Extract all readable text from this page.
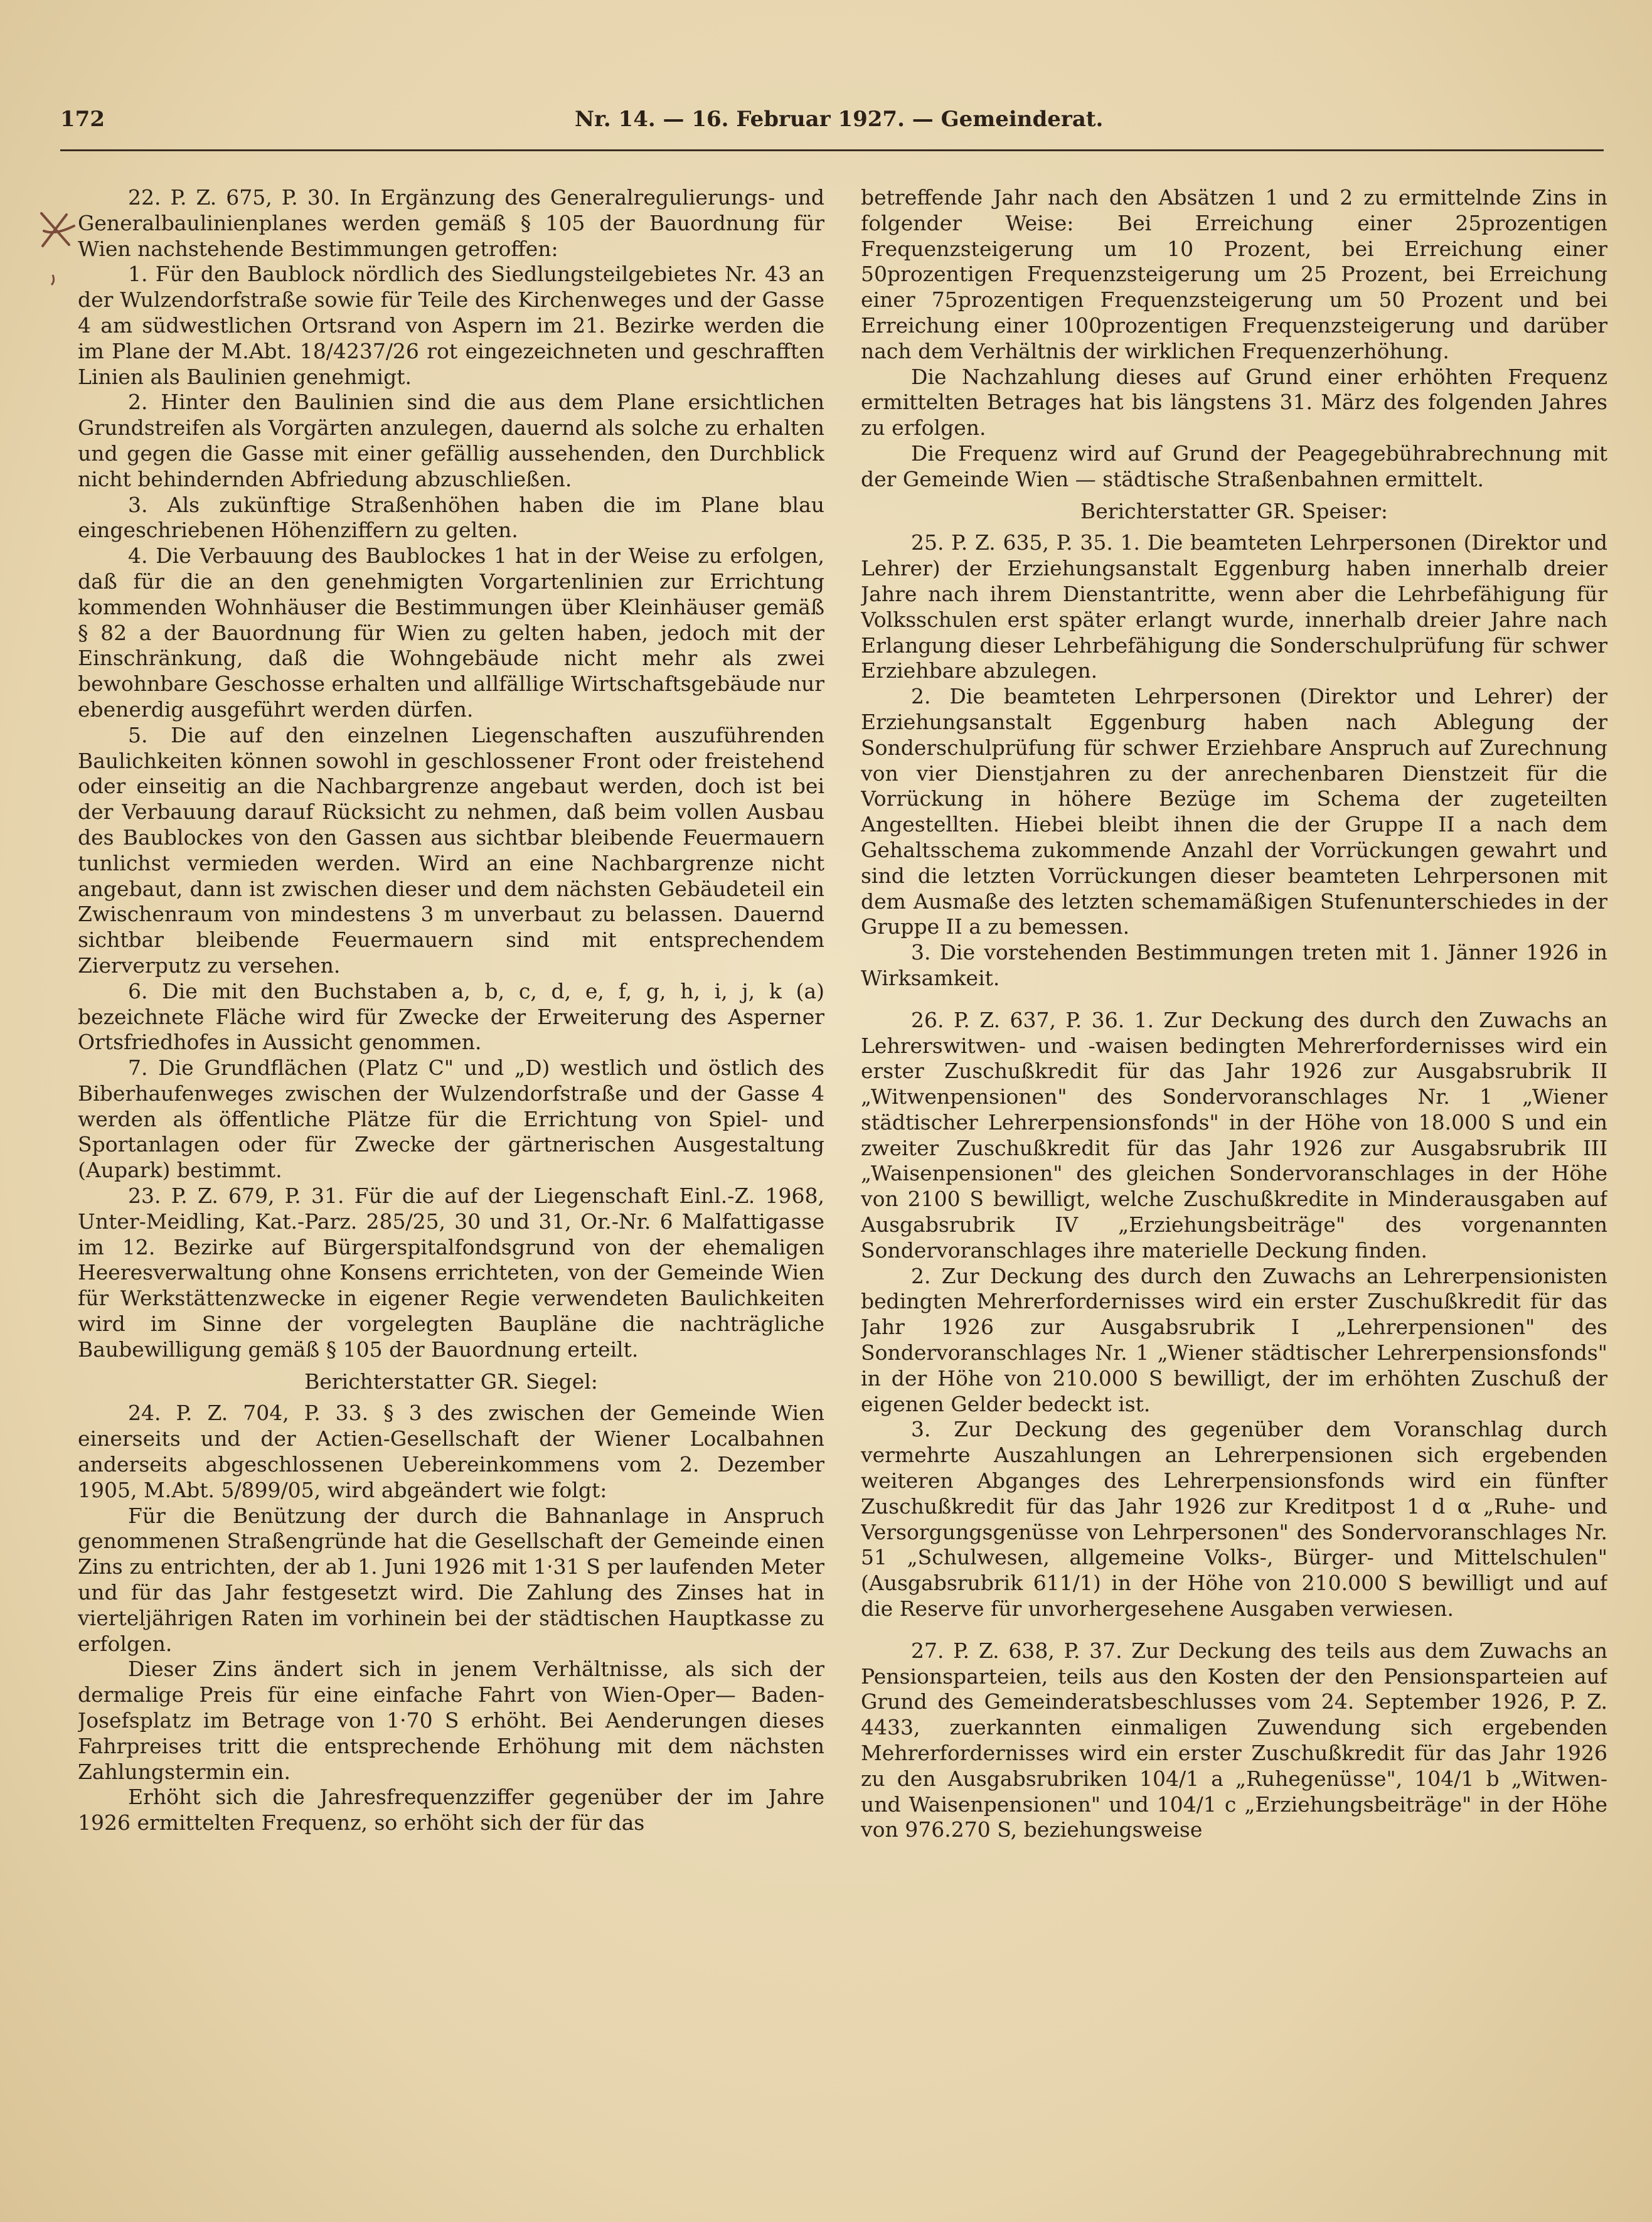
172	Nr. 14. — 16. Februar 1927. — Gemeinderat.

22. P. Z. 675, P. 30. In Ergänzung des Generalregulierungs- und Generalbaulinienplanes werden gemäß § 105 der Bauordnung für Wien nachstehende Bestimmungen getroffen:

1. Für den Baublock nördlich des Siedlungsteilgebietes Nr. 43 an der Wulzendorfstraße sowie für Teile des Kirchenweges und der Gasse 4 am südwestlichen Ortsrand von Aspern im 21. Bezirke werden die im Plane der M.Abt. 18/4237/26 rot eingezeichneten und geschrafften Linien als Baulinien genehmigt.

2. Hinter den Baulinien sind die aus dem Plane ersichtlichen Grundstreifen als Vorgärten anzulegen, dauernd als solche zu erhalten und gegen die Gasse mit einer gefällig aussehenden, den Durchblick nicht behindernden Abfriedung abzuschließen.

3. Als zukünftige Straßenhöhen haben die im Plane blau eingeschriebenen Höhenziffern zu gelten.

4. Die Verbauung des Baublockes 1 hat in der Weise zu erfolgen, daß für die an den genehmigten Vorgartenlinien zur Errichtung kommenden Wohnhäuser die Bestimmungen über Kleinhäuser gemäß § 82 a der Bauordnung für Wien zu gelten haben, jedoch mit der Einschränkung, daß die Wohngebäude nicht mehr als zwei bewohnbare Geschosse erhalten und allfällige Wirtschaftsgebäude nur ebenerdig ausgeführt werden dürfen.

5. Die auf den einzelnen Liegenschaften auszuführenden Baulichkeiten können sowohl in geschlossener Front oder freistehend oder einseitig an die Nachbargrenze angebaut werden, doch ist bei der Verbauung darauf Rücksicht zu nehmen, daß beim vollen Ausbau des Baublockes von den Gassen aus sichtbar bleibende Feuermauern tunlichst vermieden werden. Wird an eine Nachbargrenze nicht angebaut, dann ist zwischen dieser und dem nächsten Gebäudeteil ein Zwischenraum von mindestens 3 m unverbaut zu belassen. Dauernd sichtbar bleibende Feuermauern sind mit entsprechendem Zierverputz zu versehen.

6. Die mit den Buchstaben a, b, c, d, e, f, g, h, i, j, k (a) bezeichnete Fläche wird für Zwecke der Erweiterung des Asperner Ortsfriedhofes in Aussicht genommen.

7. Die Grundflächen (Platz C" und „D) westlich und östlich des Biberhaufenweges zwischen der Wulzendorfstraße und der Gasse 4 werden als öffentliche Plätze für die Errichtung von Spiel- und Sportanlagen oder für Zwecke der gärtnerischen Ausgestaltung (Aupark) bestimmt.

23. P. Z. 679, P. 31. Für die auf der Liegenschaft Einl.-Z. 1968, Unter-Meidling, Kat.-Parz. 285/25, 30 und 31, Or.-Nr. 6 Malfattigasse im 12. Bezirke auf Bürgerspitalfondsgrund von der ehemaligen Heeresverwaltung ohne Konsens errichteten, von der Gemeinde Wien für Werkstättenzwecke in eigener Regie verwendeten Baulichkeiten wird im Sinne der vorgelegten Baupläne die nachträgliche Baubewilligung gemäß § 105 der Bauordnung erteilt.

Berichterstatter GR. Siegel:

24. P. Z. 704, P. 33. § 3 des zwischen der Gemeinde Wien einerseits und der Actien-Gesellschaft der Wiener Localbahnen anderseits abgeschlossenen Uebereinkommens vom 2. Dezember 1905, M.Abt. 5/899/05, wird abgeändert wie folgt:

Für die Benützung der durch die Bahnanlage in Anspruch genommenen Straßengründe hat die Gesellschaft der Gemeinde einen Zins zu entrichten, der ab 1. Juni 1926 mit 1·31 S per laufenden Meter und für das Jahr festgesetzt wird. Die Zahlung des Zinses hat in vierteljährigen Raten im vorhinein bei der städtischen Hauptkasse zu erfolgen.

Dieser Zins ändert sich in jenem Verhältnisse, als sich der dermalige Preis für eine einfache Fahrt von Wien-Oper— Baden-Josefsplatz im Betrage von 1·70 S erhöht. Bei Aenderungen dieses Fahrpreises tritt die entsprechende Erhöhung mit dem nächsten Zahlungstermin ein.

Erhöht sich die Jahresfrequenzziffer gegenüber der im Jahre 1926 ermittelten Frequenz, so erhöht sich der für das

betreffende Jahr nach den Absätzen 1 und 2 zu ermittelnde Zins in folgender Weise: Bei Erreichung einer 25prozentigen Frequenzsteigerung um 10 Prozent, bei Erreichung einer 50prozentigen Frequenzsteigerung um 25 Prozent, bei Erreichung einer 75prozentigen Frequenzsteigerung um 50 Prozent und bei Erreichung einer 100prozentigen Frequenzsteigerung und darüber nach dem Verhältnis der wirklichen Frequenzerhöhung.

Die Nachzahlung dieses auf Grund einer erhöhten Frequenz ermittelten Betrages hat bis längstens 31. März des folgenden Jahres zu erfolgen.

Die Frequenz wird auf Grund der Peagegebührabrechnung mit der Gemeinde Wien — städtische Straßenbahnen ermittelt.

Berichterstatter GR. Speiser:

25. P. Z. 635, P. 35. 1. Die beamteten Lehrpersonen (Direktor und Lehrer) der Erziehungsanstalt Eggenburg haben innerhalb dreier Jahre nach ihrem Dienstantritte, wenn aber die Lehrbefähigung für Volksschulen erst später erlangt wurde, innerhalb dreier Jahre nach Erlangung dieser Lehrbefähigung die Sonderschulprüfung für schwer Erziehbare abzulegen.

2. Die beamteten Lehrpersonen (Direktor und Lehrer) der Erziehungsanstalt Eggenburg haben nach Ablegung der Sonderschulprüfung für schwer Erziehbare Anspruch auf Zurechnung von vier Dienstjahren zu der anrechenbaren Dienstzeit für die Vorrückung in höhere Bezüge im Schema der zugeteilten Angestellten. Hiebei bleibt ihnen die der Gruppe II a nach dem Gehaltsschema zukommende Anzahl der Vorrückungen gewahrt und sind die letzten Vorrückungen dieser beamteten Lehrpersonen mit dem Ausmaße des letzten schemamäßigen Stufenunterschiedes in der Gruppe II a zu bemessen.

3. Die vorstehenden Bestimmungen treten mit 1. Jänner 1926 in Wirksamkeit.

26. P. Z. 637, P. 36. 1. Zur Deckung des durch den Zuwachs an Lehrerswitwen- und -waisen bedingten Mehrerfordernisses wird ein erster Zuschußkredit für das Jahr 1926 zur Ausgabsrubrik II „Witwenpensionen" des Sondervoranschlages Nr. 1 „Wiener städtischer Lehrerpensionsfonds" in der Höhe von 18.000 S und ein zweiter Zuschußkredit für das Jahr 1926 zur Ausgabsrubrik III „Waisenpensionen" des gleichen Sondervoranschlages in der Höhe von 2100 S bewilligt, welche Zuschußkredite in Minderausgaben auf Ausgabsrubrik IV „Erziehungsbeiträge" des vorgenannten Sondervoranschlages ihre materielle Deckung finden.

2. Zur Deckung des durch den Zuwachs an Lehrerpensionisten bedingten Mehrerfordernisses wird ein erster Zuschußkredit für das Jahr 1926 zur Ausgabsrubrik I „Lehrerpensionen" des Sondervoranschlages Nr. 1 „Wiener städtischer Lehrerpensionsfonds" in der Höhe von 210.000 S bewilligt, der im erhöhten Zuschuß der eigenen Gelder bedeckt ist.

3. Zur Deckung des gegenüber dem Voranschlag durch vermehrte Auszahlungen an Lehrerpensionen sich ergebenden weiteren Abganges des Lehrerpensionsfonds wird ein fünfter Zuschußkredit für das Jahr 1926 zur Kreditpost 1 d α „Ruhe- und Versorgungsgenüsse von Lehrpersonen" des Sondervoranschlages Nr. 51 „Schulwesen, allgemeine Volks-, Bürger- und Mittelschulen" (Ausgabsrubrik 611/1) in der Höhe von 210.000 S bewilligt und auf die Reserve für unvorhergesehene Ausgaben verwiesen.

27. P. Z. 638, P. 37. Zur Deckung des teils aus dem Zuwachs an Pensionsparteien, teils aus den Kosten der den Pensionsparteien auf Grund des Gemeinderatsbeschlusses vom 24. September 1926, P. Z. 4433, zuerkannten einmaligen Zuwendung sich ergebenden Mehrerfordernisses wird ein erster Zuschußkredit für das Jahr 1926 zu den Ausgabsrubriken 104/1 a „Ruhegenüsse", 104/1 b „Witwen- und Waisenpensionen" und 104/1 c „Erziehungsbeiträge" in der Höhe von 976.270 S, beziehungsweise
